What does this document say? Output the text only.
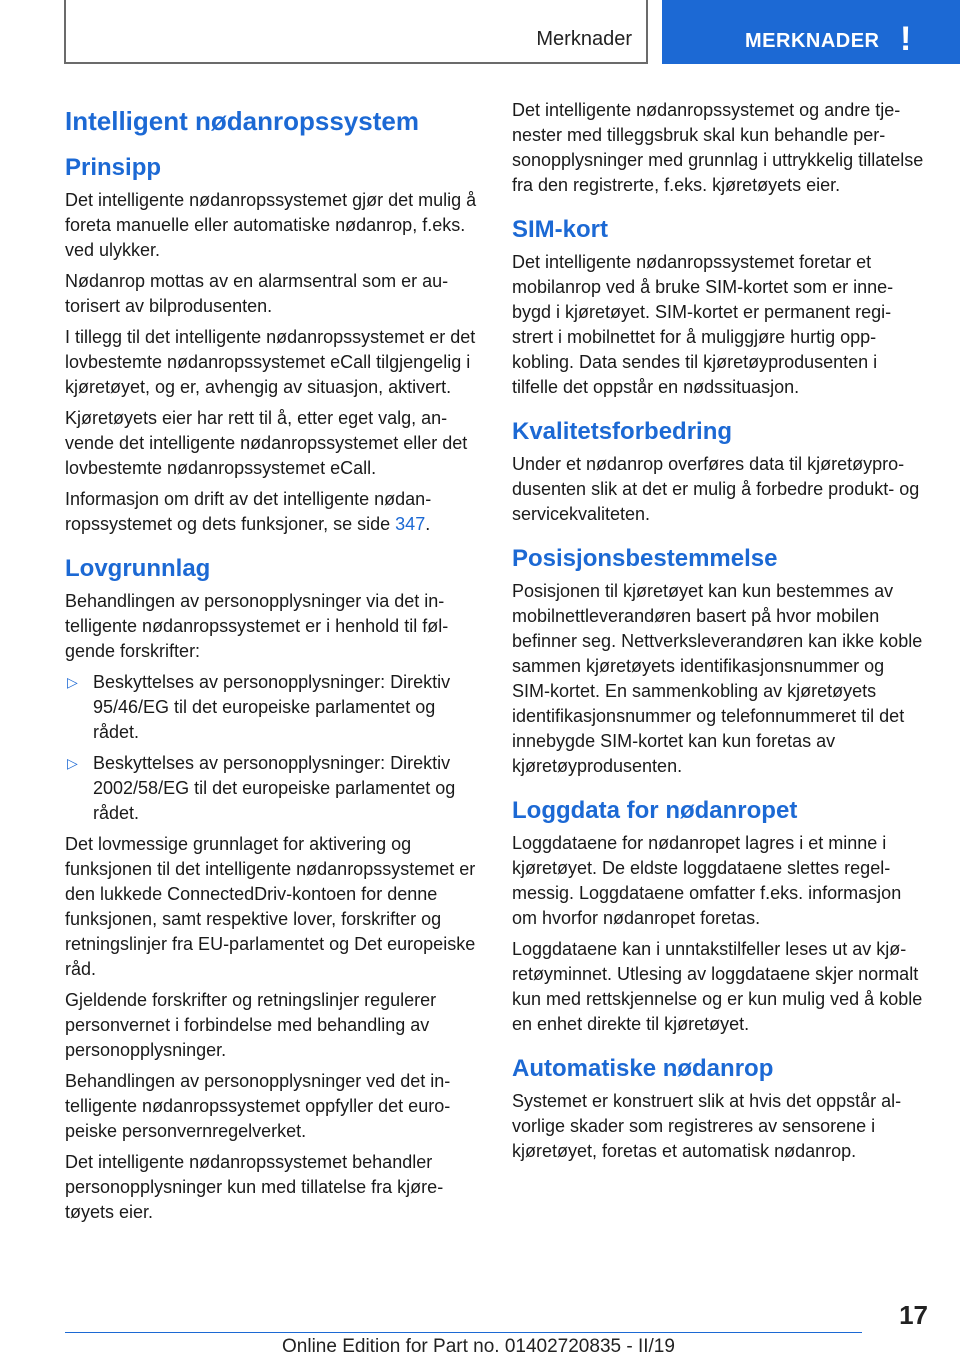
Merknader	MERKNADER !
Intelligent nødanropssystem
Prinsipp

Det intelligente nødanropssystemet gjør det mulig å foreta manuelle eller automatiske nødanrop, f.eks. ved ulykker.

Nødanrop mottas av en alarmsentral som er autorisert av bilprodusenten.

I tillegg til det intelligente nødanropssystemet er det lovbestemte nødanropssystemet eCall tilgjengelig i kjøretøyet, og er, avhengig av situasjon, aktivert.

Kjøretøyets eier har rett til å, etter eget valg, anvende det intelligente nødanropssystemet eller det lovbestemte nødanropssystemet eCall.

Informasjon om drift av det intelligente nødanropssystemet og dets funksjoner, se side 347.

Lovgrunnlag

Behandlingen av personopplysninger via det intelligente nødanropssystemet er i henhold til følgende forskrifter:

▷ Beskyttelses av personopplysninger: Direktiv 95/46/EG til det europeiske parlamentet og rådet.
▷ Beskyttelses av personopplysninger: Direktiv 2002/58/EG til det europeiske parlamentet og rådet.

Det lovmessige grunnlaget for aktivering og funksjonen til det intelligente nødanropssystemet er den lukkede ConnectedDriv-kontoen for denne funksjonen, samt respektive lover, forskrifter og retningslinjer fra EU-parlamentet og Det europeiske råd.

Gjeldende forskrifter og retningslinjer regulerer personvernet i forbindelse med behandling av personopplysninger.

Behandlingen av personopplysninger ved det intelligente nødanropssystemet oppfyller det europeiske personvernregelverket.

Det intelligente nødanropssystemet behandler personopplysninger kun med tillatelse fra kjøretøyets eier.

Det intelligente nødanropssystemet og andre tjenester med tilleggsbruk skal kun behandle personopplysninger med grunnlag i uttrykkelig tillatelse fra den registrerte, f.eks. kjøretøyets eier.

SIM-kort

Det intelligente nødanropssystemet foretar et mobilanrop ved å bruke SIM-kortet som er innebygd i kjøretøyet. SIM-kortet er permanent registrert i mobilnettet for å muliggjøre hurtig oppkobling. Data sendes til kjøretøyprodusenten i tilfelle det oppstår en nødssituasjon.

Kvalitetsforbedring

Under et nødanrop overføres data til kjøretøyprodusenten slik at det er mulig å forbedre produkt- og servicekvaliteten.

Posisjonsbestemmelse

Posisjonen til kjøretøyet kan kun bestemmes av mobilnettleverandøren basert på hvor mobilen befinner seg. Nettverksleverandøren kan ikke koble sammen kjøretøyets identifikasjonsnummer og SIM-kortet. En sammenkobling av kjøretøyets identifikasjonsnummer og telefonnummeret til det innebygde SIM-kortet kan kun foretas av kjøretøyprodusenten.

Loggdata for nødanropet

Loggdataene for nødanropet lagres i et minne i kjøretøyet. De eldste loggdataene slettes regelmessig. Loggdataene omfatter f.eks. informasjon om hvorfor nødanropet foretas.

Loggdataene kan i unntakstilfeller leses ut av kjøretøyminnet. Utlesing av loggdataene skjer normalt kun med rettskjennelse og er kun mulig ved å koble en enhet direkte til kjøretøyet.

Automatiske nødanrop

Systemet er konstruert slik at hvis det oppstår alvorlige skader som registreres av sensorene i kjøretøyet, foretas et automatisk nødanrop.

17
Online Edition for Part no. 01402720835 - II/19
